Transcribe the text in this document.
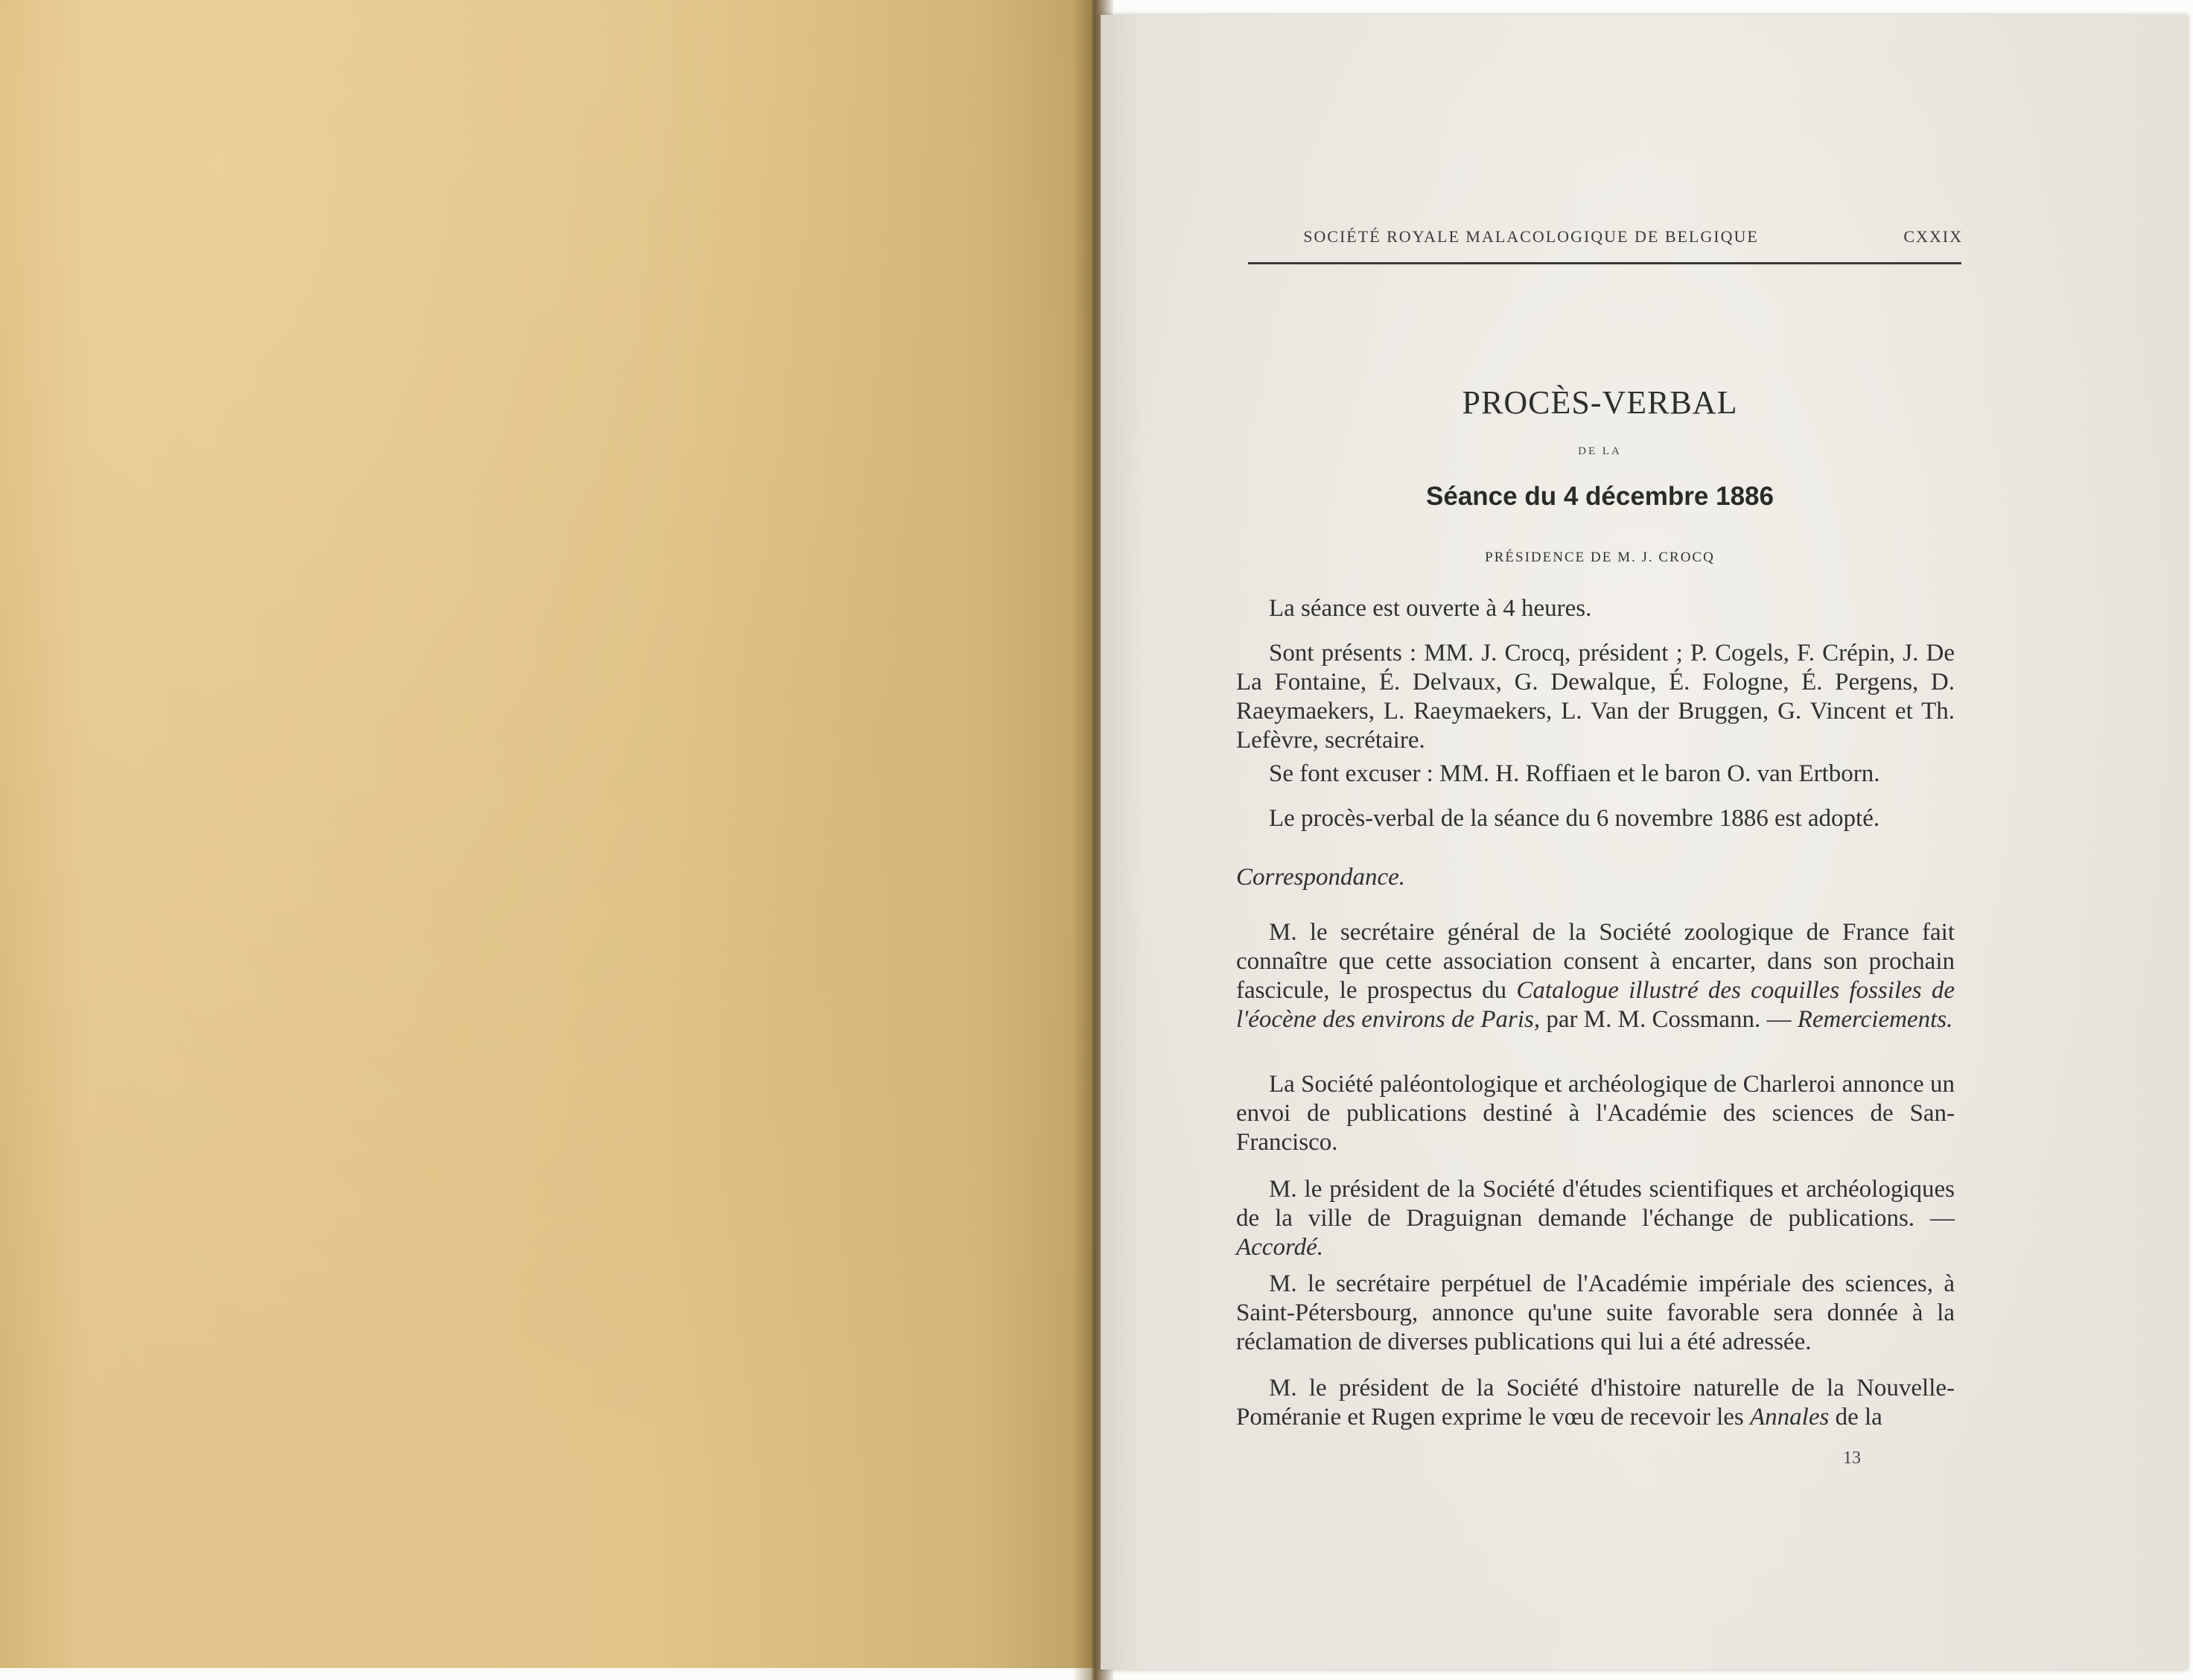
SOCIÉTÉ ROYALE MALACOLOGIQUE DE BELGIQUE	CXXIX
PROCÈS-VERBAL
DE LA
Séance du 4 décembre 1886
PRÉSIDENCE DE M. J. CROCQ

La séance est ouverte à 4 heures.

Sont présents : MM. J. Crocq, président ; P. Cogels, F. Crépin, J. De La Fontaine, É. Delvaux, G. Dewalque, É. Fologne, É. Pergens, D. Raeymaekers, L. Raeymaekers, L. Van der Bruggen, G. Vincent et Th. Lefèvre, secrétaire.

Se font excuser : MM. H. Roffiaen et le baron O. van Ertborn.

Le procès-verbal de la séance du 6 novembre 1886 est adopté.

Correspondance.

M. le secrétaire général de la Société zoologique de France fait connaître que cette association consent à encarter, dans son prochain fascicule, le prospectus du Catalogue illustré des coquilles fossiles de l'éocène des environs de Paris, par M. M. Cossmann. — Remerciements.

La Société paléontologique et archéologique de Charleroi annonce un envoi de publications destiné à l'Académie des sciences de San-Francisco.

M. le président de la Société d'études scientifiques et archéologiques de la ville de Draguignan demande l'échange de publications. — Accordé.

M. le secrétaire perpétuel de l'Académie impériale des sciences, à Saint-Pétersbourg, annonce qu'une suite favorable sera donnée à la réclamation de diverses publications qui lui a été adressée.

M. le président de la Société d'histoire naturelle de la Nouvelle-Poméranie et Rugen exprime le vœu de recevoir les Annales de la

13
